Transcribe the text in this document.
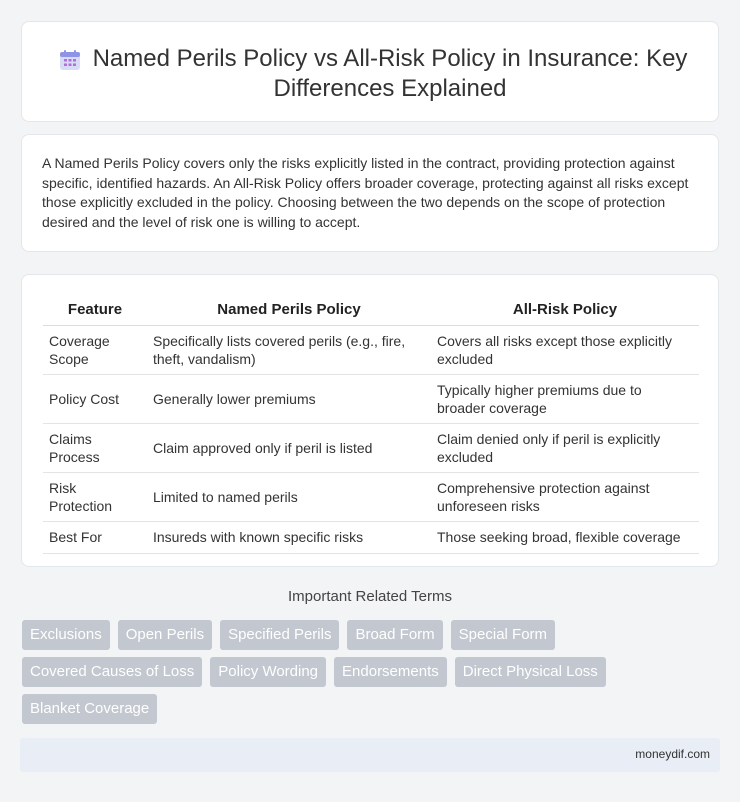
Named Perils Policy vs All-Risk Policy in Insurance: Key Differences Explained

A Named Perils Policy covers only the risks explicitly listed in the contract, providing protection against specific, identified hazards. An All-Risk Policy offers broader coverage, protecting against all risks except those explicitly excluded in the policy. Choosing between the two depends on the scope of protection desired and the level of risk one is willing to accept.

Feature	Named Perils Policy	All-Risk Policy
Coverage Scope	Specifically lists covered perils (e.g., fire, theft, vandalism)	Covers all risks except those explicitly excluded
Policy Cost	Generally lower premiums	Typically higher premiums due to broader coverage
Claims Process	Claim approved only if peril is listed	Claim denied only if peril is explicitly excluded
Risk Protection	Limited to named perils	Comprehensive protection against unforeseen risks
Best For	Insureds with known specific risks	Those seeking broad, flexible coverage
Important Related Terms
Exclusions	Open Perils	Specified Perils	Broad Form	Special Form
Covered Causes of Loss	Policy Wording	Endorsements	Direct Physical Loss
Blanket Coverage
moneydif.com
